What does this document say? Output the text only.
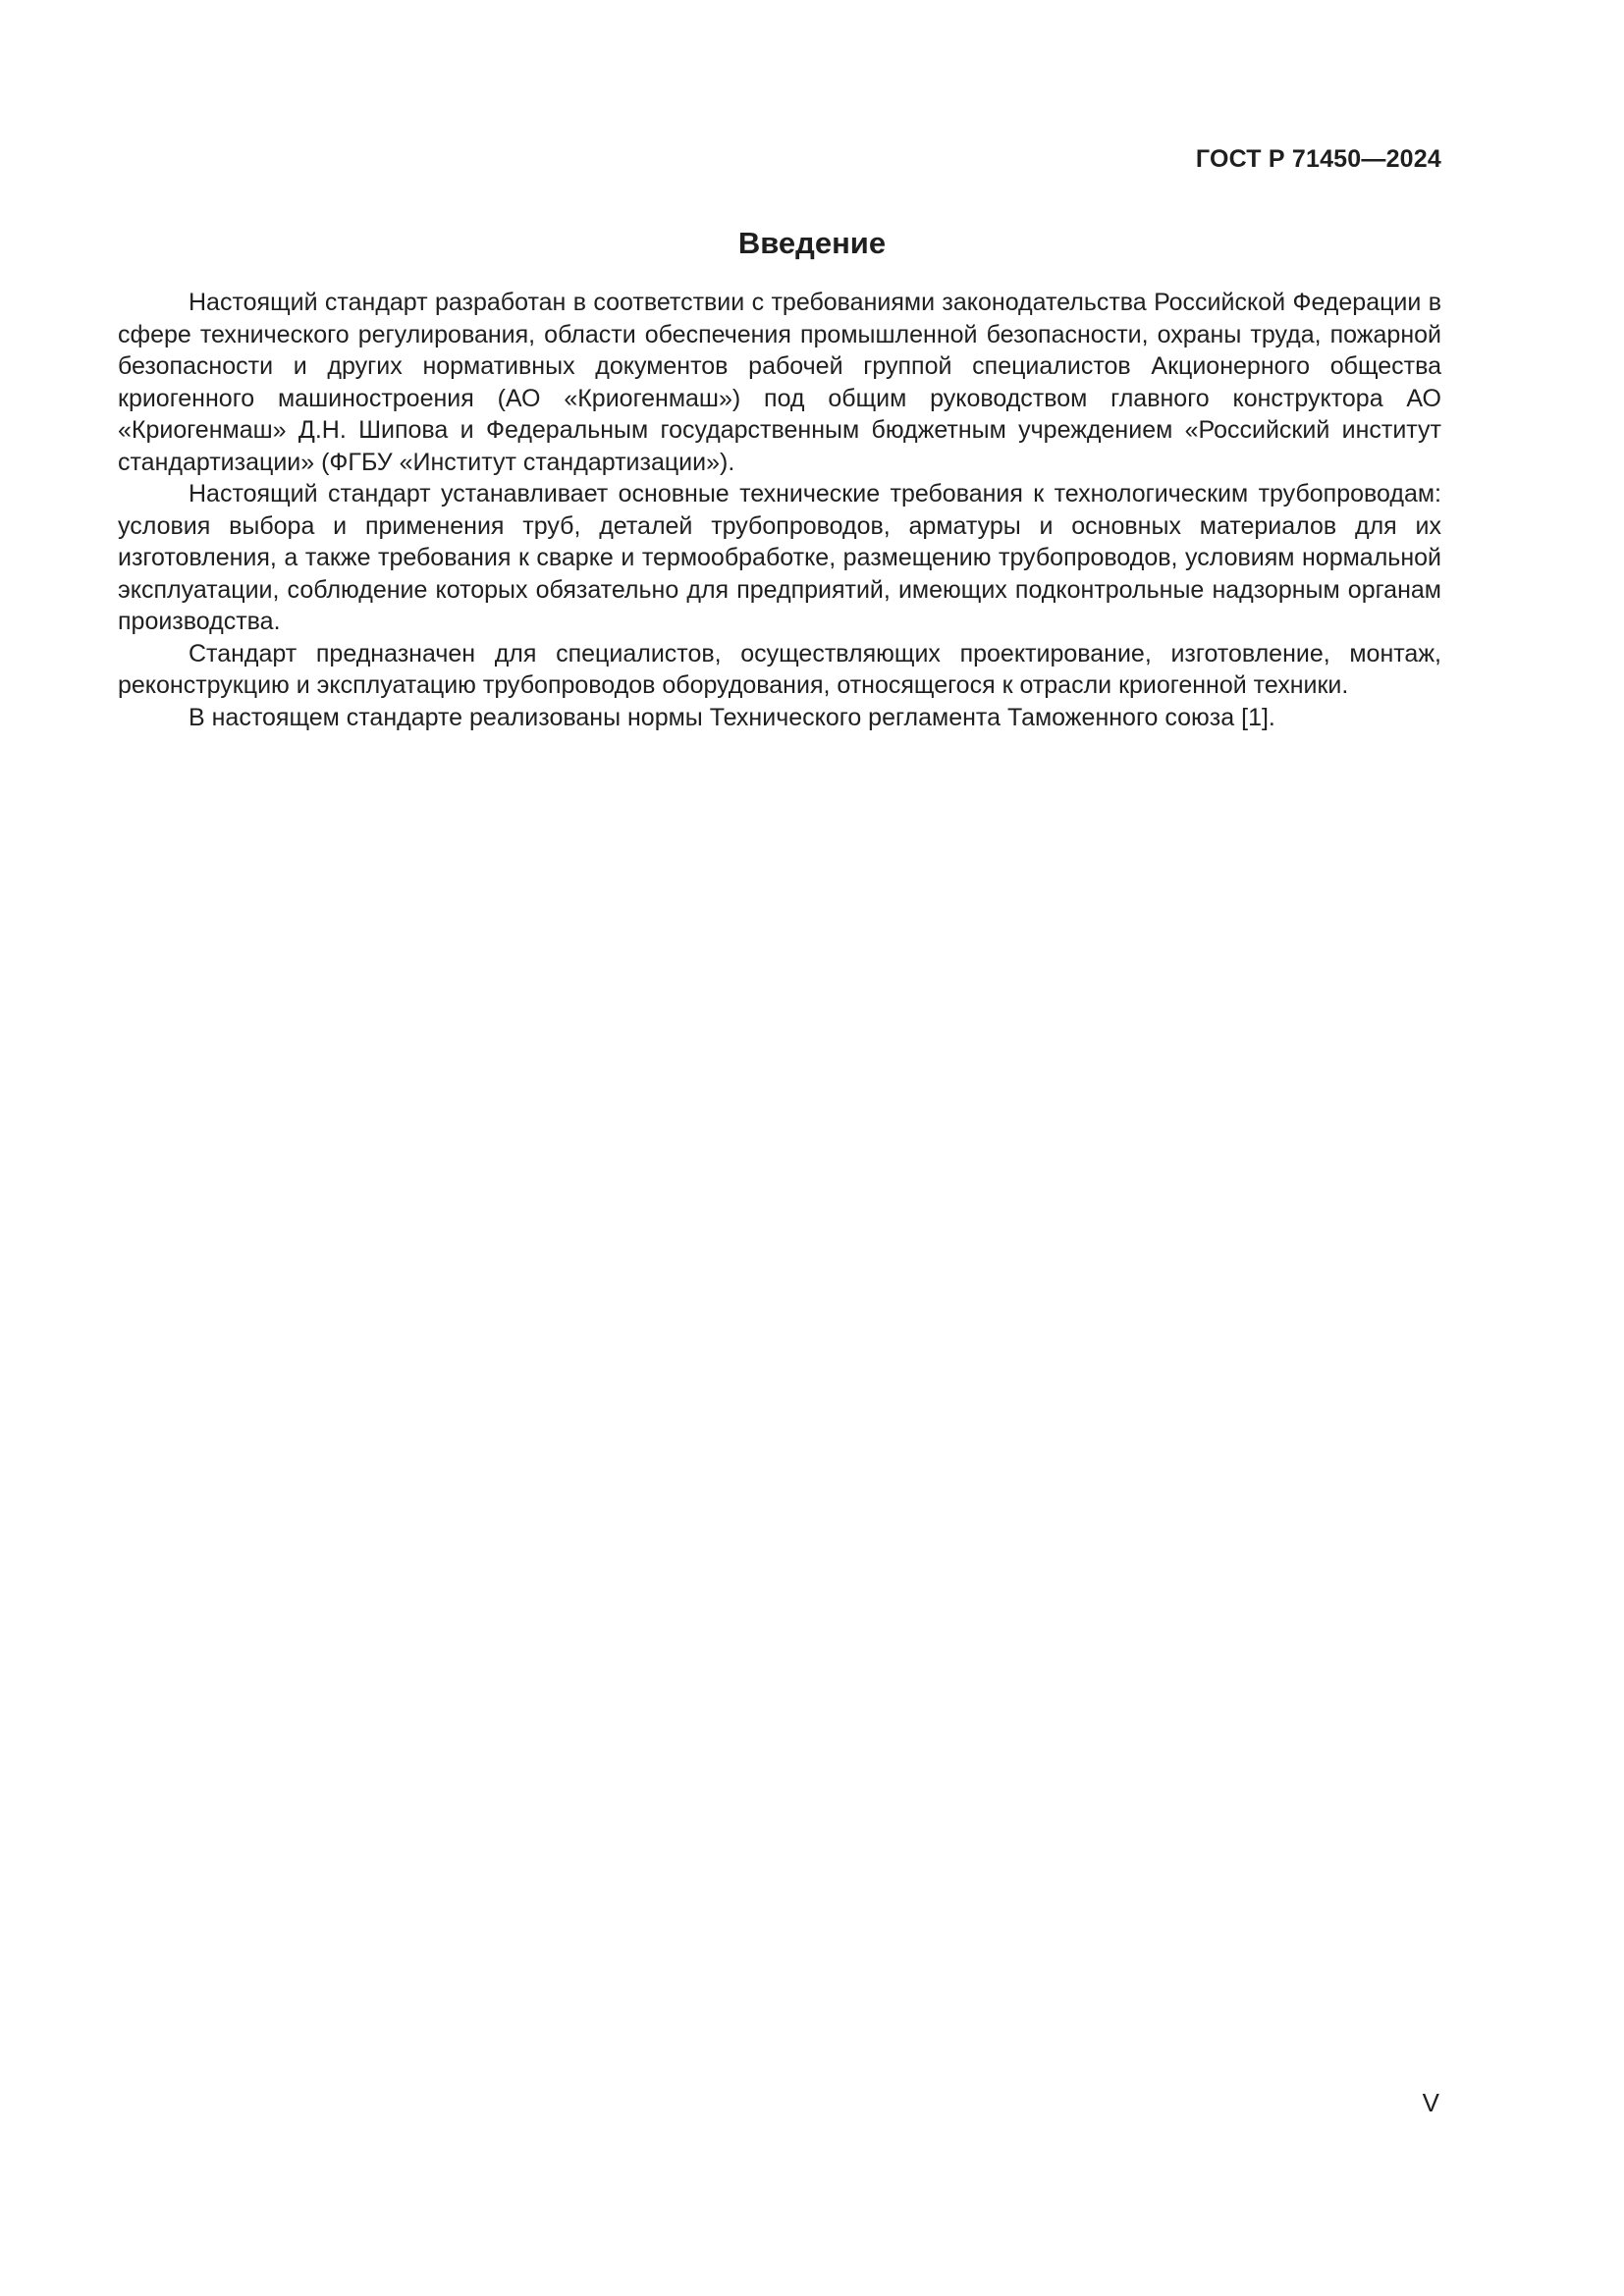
ГОСТ Р 71450—2024
Введение

Настоящий стандарт разработан в соответствии с требованиями законодательства Российской Федерации в сфере технического регулирования, области обеспечения промышленной безопасности, охраны труда, пожарной безопасности и других нормативных документов рабочей группой специалистов Акционерного общества криогенного машиностроения (АО «Криогенмаш») под общим руководством главного конструктора АО «Криогенмаш» Д.Н. Шипова и Федеральным государственным бюджетным учреждением «Российский институт стандартизации» (ФГБУ «Институт стандартизации»).

Настоящий стандарт устанавливает основные технические требования к технологическим трубопроводам: условия выбора и применения труб, деталей трубопроводов, арматуры и основных материалов для их изготовления, а также требования к сварке и термообработке, размещению трубопроводов, условиям нормальной эксплуатации, соблюдение которых обязательно для предприятий, имеющих подконтрольные надзорным органам производства.

Стандарт предназначен для специалистов, осуществляющих проектирование, изготовление, монтаж, реконструкцию и эксплуатацию трубопроводов оборудования, относящегося к отрасли криогенной техники.

В настоящем стандарте реализованы нормы Технического регламента Таможенного союза [1].

V
